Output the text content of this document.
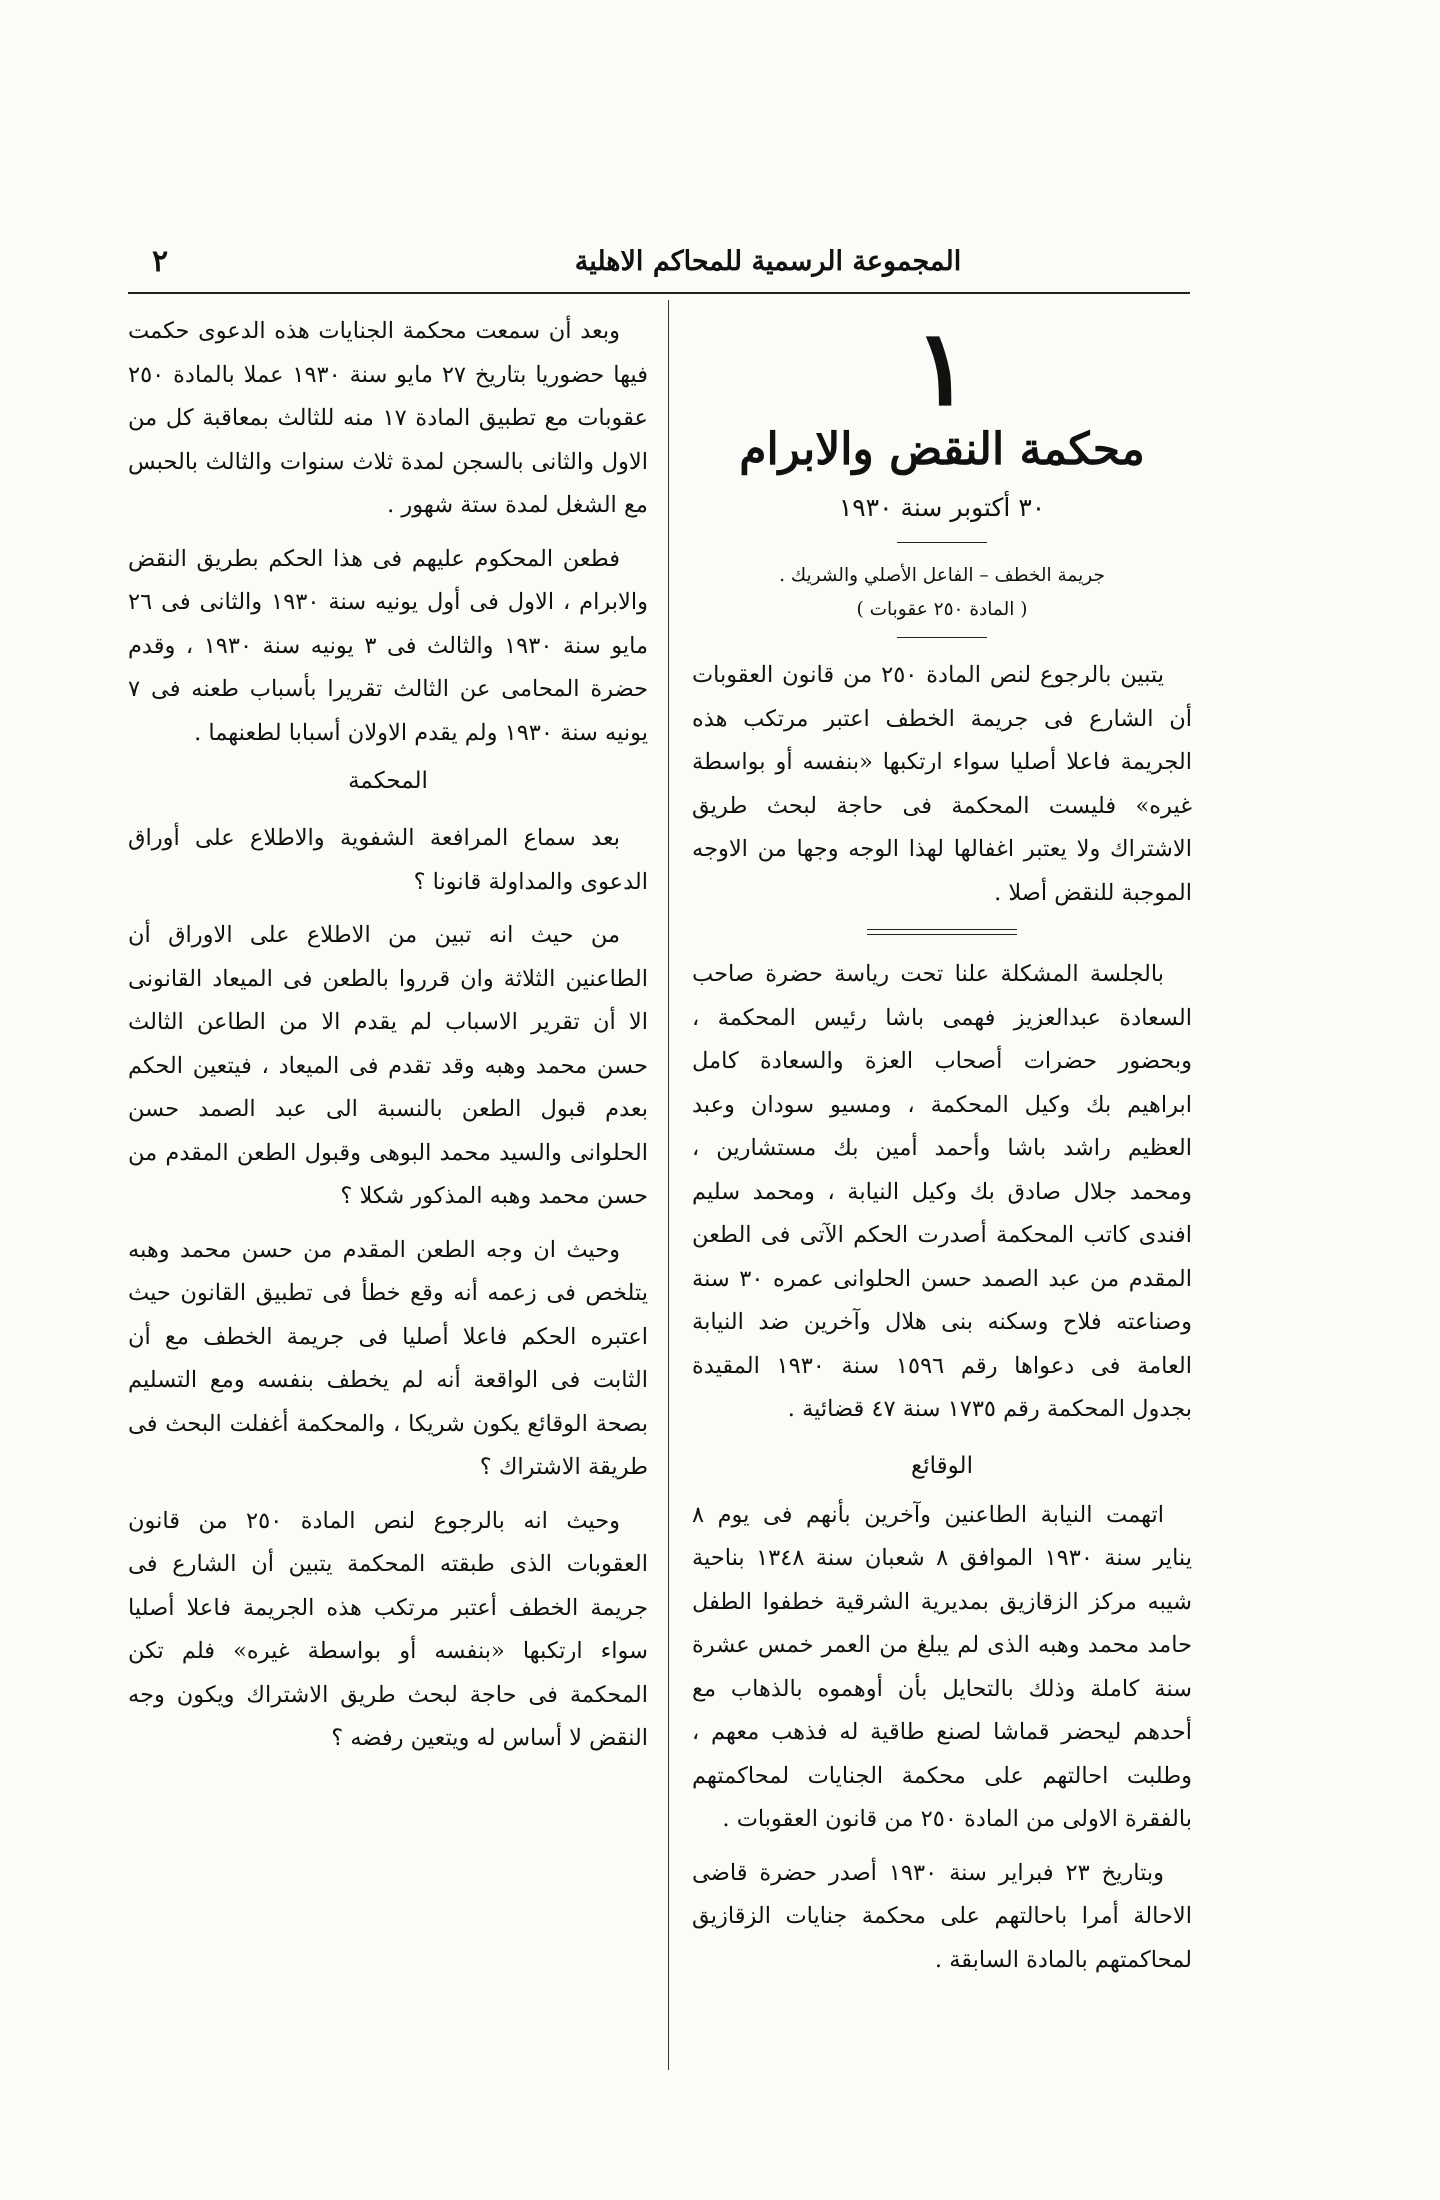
٢	المجموعة الرسمية للمحاكم الاهلية
١
محكمة النقض والابرام
٣٠ أكتوبر سنة ١٩٣٠
جريمة الخطف – الفاعل الأصلي والشريك .
( المادة ٢٥٠ عقوبات )

يتبين بالرجوع لنص المادة ٢٥٠ من قانون العقوبات أن الشارع فى جريمة الخطف اعتبر مرتكب هذه الجريمة فاعلا أصليا سواء ارتكبها «بنفسه أو بواسطة غيره» فليست المحكمة فى حاجة لبحث طريق الاشتراك ولا يعتبر اغفالها لهذا الوجه وجها من الاوجه الموجبة للنقض أصلا .

بالجلسة المشكلة علنا تحت رياسة حضرة صاحب السعادة عبدالعزيز فهمى باشا رئيس المحكمة ، وبحضور حضرات أصحاب العزة والسعادة كامل ابراهيم بك وكيل المحكمة ، ومسيو سودان وعبد العظيم راشد باشا وأحمد أمين بك مستشارين ، ومحمد جلال صادق بك وكيل النيابة ، ومحمد سليم افندى كاتب المحكمة أصدرت الحكم الآتى فى الطعن المقدم من عبد الصمد حسن الحلوانى عمره ٣٠ سنة وصناعته فلاح وسكنه بنى هلال وآخرين ضد النيابة العامة فى دعواها رقم ١٥٩٦ سنة ١٩٣٠ المقيدة بجدول المحكمة رقم ١٧٣٥ سنة ٤٧ قضائية .

الوقائع

اتهمت النيابة الطاعنين وآخرين بأنهم فى يوم ٨ يناير سنة ١٩٣٠ الموافق ٨ شعبان سنة ١٣٤٨ بناحية شيبه مركز الزقازيق بمديرية الشرقية خطفوا الطفل حامد محمد وهبه الذى لم يبلغ من العمر خمس عشرة سنة كاملة وذلك بالتحايل بأن أوهموه بالذهاب مع أحدهم ليحضر قماشا لصنع طاقية له فذهب معهم ، وطلبت احالتهم على محكمة الجنايات لمحاكمتهم بالفقرة الاولى من المادة ٢٥٠ من قانون العقوبات .

وبتاريخ ٢٣ فبراير سنة ١٩٣٠ أصدر حضرة قاضى الاحالة أمرا باحالتهم على محكمة جنايات الزقازيق لمحاكمتهم بالمادة السابقة .

وبعد أن سمعت محكمة الجنايات هذه الدعوى حكمت فيها حضوريا بتاريخ ٢٧ مايو سنة ١٩٣٠ عملا بالمادة ٢٥٠ عقوبات مع تطبيق المادة ١٧ منه للثالث بمعاقبة كل من الاول والثانى بالسجن لمدة ثلاث سنوات والثالث بالحبس مع الشغل لمدة ستة شهور .

فطعن المحكوم عليهم فى هذا الحكم بطريق النقض والابرام ، الاول فى أول يونيه سنة ١٩٣٠ والثانى فى ٢٦ مايو سنة ١٩٣٠ والثالث فى ٣ يونيه سنة ١٩٣٠ ، وقدم حضرة المحامى عن الثالث تقريرا بأسباب طعنه فى ٧ يونيه سنة ١٩٣٠ ولم يقدم الاولان أسبابا لطعنهما .

المحكمة

بعد سماع المرافعة الشفوية والاطلاع على أوراق الدعوى والمداولة قانونا ؟

من حيث انه تبين من الاطلاع على الاوراق أن الطاعنين الثلاثة وان قرروا بالطعن فى الميعاد القانونى الا أن تقرير الاسباب لم يقدم الا من الطاعن الثالث حسن محمد وهبه وقد تقدم فى الميعاد ، فيتعين الحكم بعدم قبول الطعن بالنسبة الى عبد الصمد حسن الحلوانى والسيد محمد البوهى وقبول الطعن المقدم من حسن محمد وهبه المذكور شكلا ؟

وحيث ان وجه الطعن المقدم من حسن محمد وهبه يتلخص فى زعمه أنه وقع خطأ فى تطبيق القانون حيث اعتبره الحكم فاعلا أصليا فى جريمة الخطف مع أن الثابت فى الواقعة أنه لم يخطف بنفسه ومع التسليم بصحة الوقائع يكون شريكا ، والمحكمة أغفلت البحث فى طريقة الاشتراك ؟

وحيث انه بالرجوع لنص المادة ٢٥٠ من قانون العقوبات الذى طبقته المحكمة يتبين أن الشارع فى جريمة الخطف أعتبر مرتكب هذه الجريمة فاعلا أصليا سواء ارتكبها «بنفسه أو بواسطة غيره» فلم تكن المحكمة فى حاجة لبحث طريق الاشتراك ويكون وجه النقض لا أساس له ويتعين رفضه ؟
